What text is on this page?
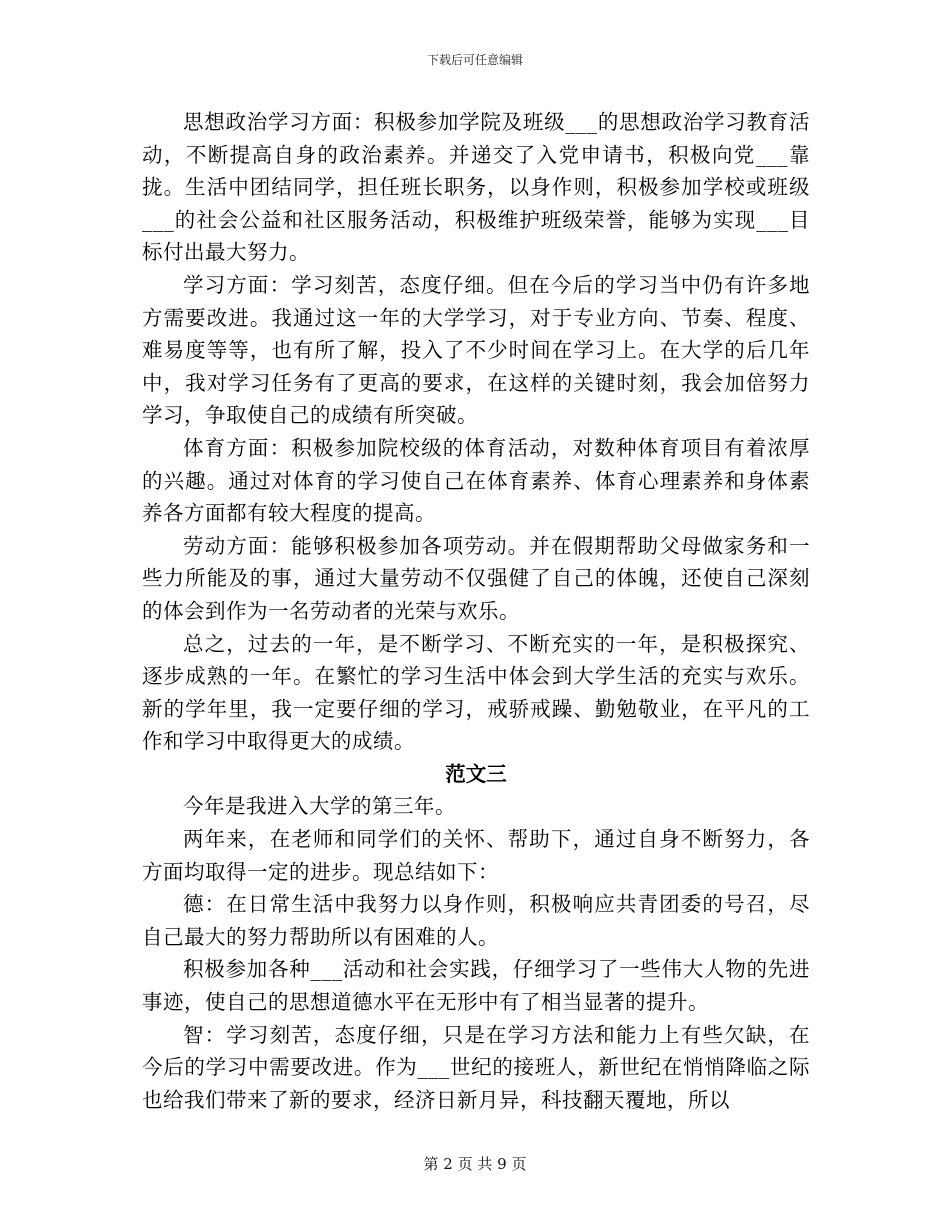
下载后可任意编辑

思想政治学习方面：积极参加学院及班级___的思想政治学习教育活动，不断提高自身的政治素养。并递交了入党申请书，积极向党___靠拢。生活中团结同学，担任班长职务，以身作则，积极参加学校或班级___的社会公益和社区服务活动，积极维护班级荣誉，能够为实现___目标付出最大努力。

学习方面：学习刻苦，态度仔细。但在今后的学习当中仍有许多地方需要改进。我通过这一年的大学学习，对于专业方向、节奏、程度、难易度等等，也有所了解，投入了不少时间在学习上。在大学的后几年中，我对学习任务有了更高的要求，在这样的关键时刻，我会加倍努力学习，争取使自己的成绩有所突破。

体育方面：积极参加院校级的体育活动，对数种体育项目有着浓厚的兴趣。通过对体育的学习使自己在体育素养、体育心理素养和身体素养各方面都有较大程度的提高。

劳动方面：能够积极参加各项劳动。并在假期帮助父母做家务和一些力所能及的事，通过大量劳动不仅强健了自己的体魄，还使自己深刻的体会到作为一名劳动者的光荣与欢乐。

总之，过去的一年，是不断学习、不断充实的一年，是积极探究、逐步成熟的一年。在繁忙的学习生活中体会到大学生活的充实与欢乐。新的学年里，我一定要仔细的学习，戒骄戒躁、勤勉敬业，在平凡的工作和学习中取得更大的成绩。

范文三

今年是我进入大学的第三年。

两年来，在老师和同学们的关怀、帮助下，通过自身不断努力，各方面均取得一定的进步。现总结如下：

德：在日常生活中我努力以身作则，积极响应共青团委的号召，尽自己最大的努力帮助所以有困难的人。

积极参加各种___活动和社会实践，仔细学习了一些伟大人物的先进事迹，使自己的思想道德水平在无形中有了相当显著的提升。

智：学习刻苦，态度仔细，只是在学习方法和能力上有些欠缺，在今后的学习中需要改进。作为___世纪的接班人，新世纪在悄悄降临之际也给我们带来了新的要求，经济日新月异，科技翻天覆地，所以

第 2 页 共 9 页
